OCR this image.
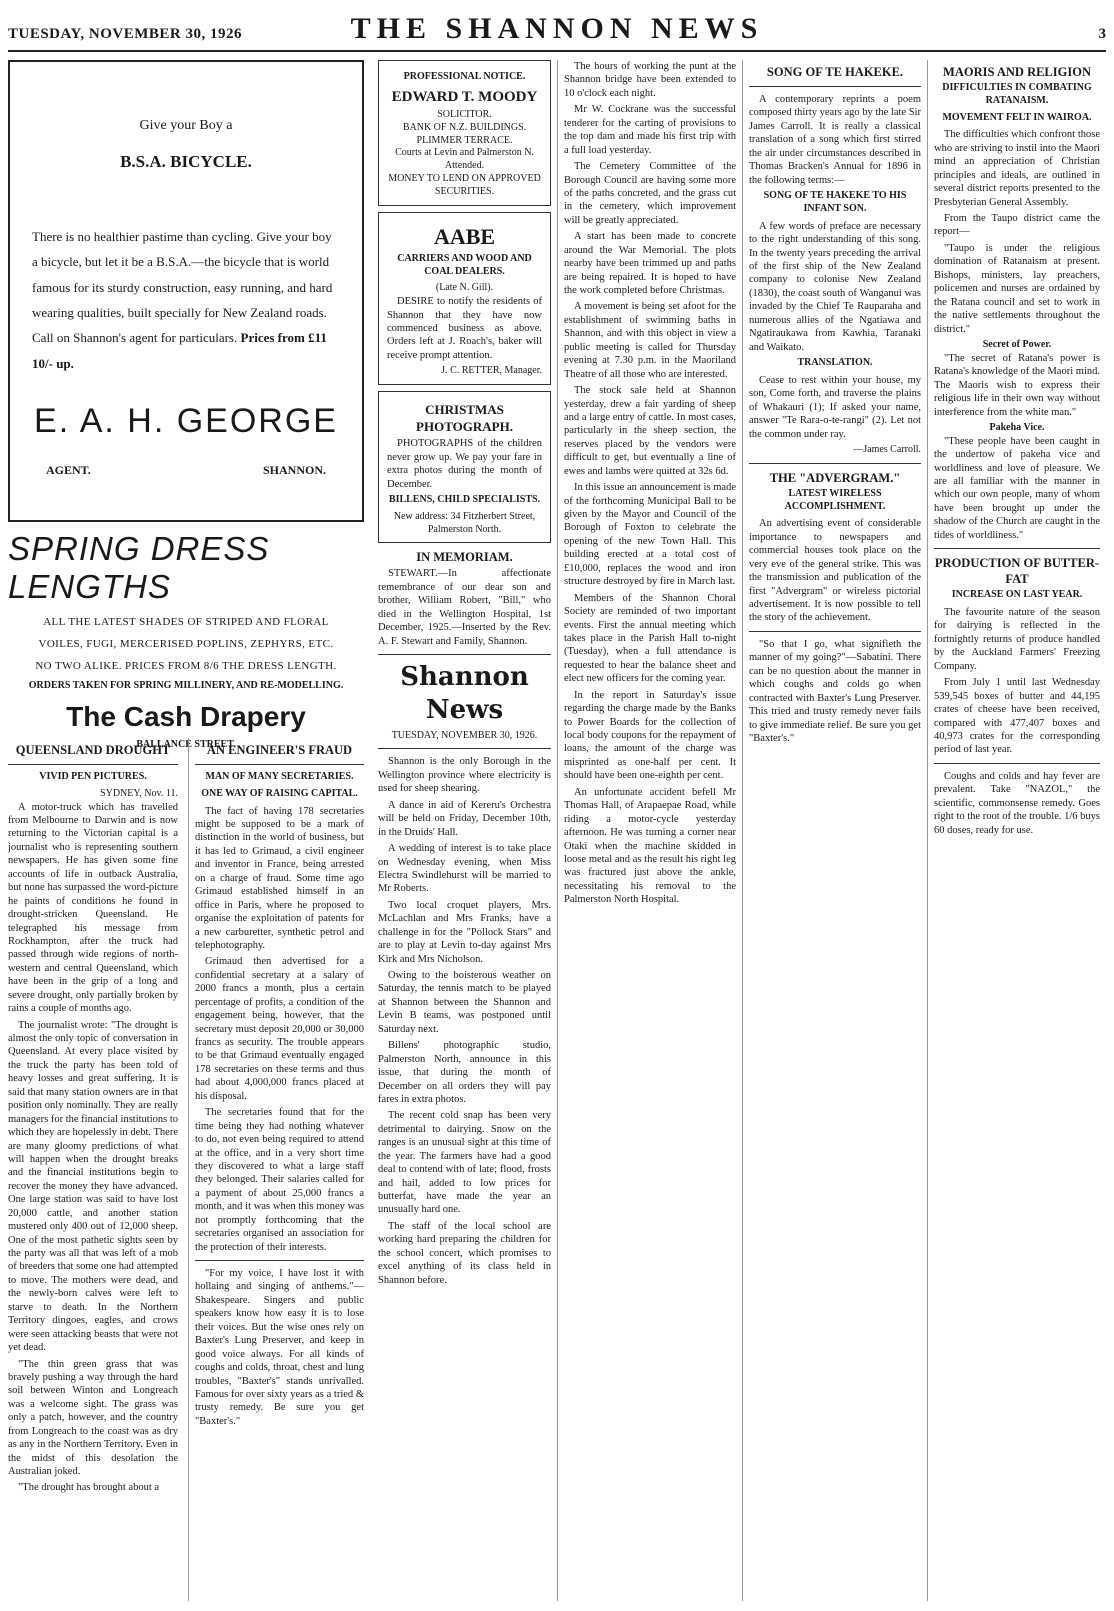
TUESDAY, NOVEMBER 30, 1926	THE SHANNON NEWS	3
Give your Boy a
B.S.A. BICYCLE.
There is no healthier pastime than cycling. Give your boy a bicycle, but let it be a B.S.A.—the bicycle that is world famous for its sturdy construction, easy running, and hard wearing qualities, built specially for New Zealand roads. Call on Shannon's agent for particulars. Prices from £11 10/- up.
E. A. H. GEORGE
AGENT.	SHANNON.
SPRING DRESS LENGTHS
ALL THE LATEST SHADES OF STRIPED AND FLORAL
VOILES, FUGI, MERCERISED POPLINS, ZEPHYRS, ETC.
NO TWO ALIKE. PRICES FROM 8/6 THE DRESS LENGTH.
ORDERS TAKEN FOR SPRING MILLINERY, AND RE-MODELLING.
The Cash Drapery
BALLANCE STREET.
QUEENSLAND DROUGHT
VIVID PEN PICTURES.
SYDNEY, Nov. 11.

A motor-truck which has travelled from Melbourne to Darwin and is now returning to the Victorian capital is a journalist who is representing southern newspapers. He has given some fine accounts of life in outback Australia, but none has surpassed the word-picture he paints of conditions he found in drought-stricken Queensland. He telegraphed his message from Rockhampton, after the truck had passed through wide regions of north-western and central Queensland, which have been in the grip of a long and severe drought, only partially broken by rains a couple of months ago.

The journalist wrote: "The drought is almost the only topic of conversation in Queensland. At every place visited by the truck the party has been told of heavy losses and great suffering. It is said that many station owners are in that position only nominally. They are really managers for the financial institutions to which they are hopelessly in debt. There are many gloomy predictions of what will happen when the drought breaks and the financial institutions begin to recover the money they have advanced. One large station was said to have lost 20,000 cattle, and another station mustered only 400 out of 12,000 sheep. One of the most pathetic sights seen by the party was all that was left of a mob of breeders that some one had attempted to move. The mothers were dead, and the newly-born calves were left to starve to death. In the Northern Territory dingoes, eagles, and crows were seen attacking beasts that were not yet dead.

"The thin green grass that was bravely pushing a way through the hard soil between Winton and Longreach was a welcome sight. The grass was only a patch, however, and the country from Longreach to the coast was as dry as any in the Northern Territory. Even in the midst of this desolation the Australian joked.

"The drought has brought about a

AN ENGINEER'S FRAUD
MAN OF MANY SECRETARIES.
ONE WAY OF RAISING CAPITAL.

The fact of having 178 secretaries might be supposed to be a mark of distinction in the world of business, but it has led to Grimaud, a civil engineer and inventor in France, being arrested on a charge of fraud. Some time ago Grimaud established himself in an office in Paris, where he proposed to organise the exploitation of patents for a new carburetter, synthetic petrol and telephotography.

Grimaud then advertised for a confidential secretary at a salary of 2000 francs a month, plus a certain percentage of profits, a condition of the engagement being, however, that the secretary must deposit 20,000 or 30,000 francs as security. The trouble appears to be that Grimaud eventually engaged 178 secretaries on these terms and thus had about 4,000,000 francs placed at his disposal.

The secretaries found that for the time being they had nothing whatever to do, not even being required to attend at the office, and in a very short time they discovered to what a large staff they belonged. Their salaries called for a payment of about 25,000 francs a month, and it was when this money was not promptly forthcoming that the secretaries organised an association for the protection of their interests.

"For my voice, I have lost it with hollaing and singing of anthems."—Shakespeare. Singers and public speakers know how easy it is to lose their voices. But the wise ones rely on Baxter's Lung Preserver, and keep in good voice always. For all kinds of coughs and colds, throat, chest and lung troubles, "Baxter's" stands unrivalled. Famous for over sixty years as a tried & trusty remedy. Be sure you get "Baxter's."

PROFESSIONAL NOTICE.
EDWARD T. MOODY
SOLICITOR.
BANK OF N.Z. BUILDINGS.
PLIMMER TERRACE.
Courts at Levin and Palmerston N. Attended.
MONEY TO LEND ON APPROVED SECURITIES.
AABE
CARRIERS AND WOOD AND COAL DEALERS.
(Late N. Gill).

DESIRE to notify the residents of Shannon that they have now commenced business as above. Orders left at J. Roach's, baker will receive prompt attention.

J. C. RETTER, Manager.
CHRISTMAS PHOTOGRAPH.

PHOTOGRAPHS of the children never grow up. We pay your fare in extra photos during the month of December.

BILLENS, CHILD SPECIALISTS.
New address: 34 Fitzherbert Street, Palmerston North.
IN MEMORIAM.

STEWART.—In affectionate remembrance of our dear son and brother, William Robert, "Bill," who died in the Wellington Hospital, 1st December, 1925.—Inserted by the Rev. A. F. Stewart and Family, Shannon.

Shannon News
TUESDAY, NOVEMBER 30, 1926.

Shannon is the only Borough in the Wellington province where electricity is used for sheep shearing.

A dance in aid of Kereru's Orchestra will be held on Friday, December 10th, in the Druids' Hall.

A wedding of interest is to take place on Wednesday evening, when Miss Electra Swindlehurst will be married to Mr Roberts.

Two local croquet players, Mrs. McLachlan and Mrs Franks, have a challenge in for the "Pollock Stars" and are to play at Levin to-day against Mrs Kirk and Mrs Nicholson.

Owing to the boisterous weather on Saturday, the tennis match to be played at Shannon between the Shannon and Levin B teams, was postponed until Saturday next.

Billens' photographic studio, Palmerston North, announce in this issue, that during the month of December on all orders they will pay fares in extra photos.

The recent cold snap has been very detrimental to dairying. Snow on the ranges is an unusual sight at this time of the year. The farmers have had a good deal to contend with of late; flood, frosts and hail, added to low prices for butterfat, have made the year an unusually hard one.

The staff of the local school are working hard preparing the children for the school concert, which promises to excel anything of its class held in Shannon before.

The hours of working the punt at the Shannon bridge have been extended to 10 o'clock each night.

Mr W. Cockrane was the successful tenderer for the carting of provisions to the top dam and made his first trip with a full load yesterday.

The Cemetery Committee of the Borough Council are having some more of the paths concreted, and the grass cut in the cemetery, which improvement will be greatly appreciated.

A start has been made to concrete around the War Memorial. The plots nearby have been trimmed up and paths are being repaired. It is hoped to have the work completed before Christmas.

A movement is being set afoot for the establishment of swimming baths in Shannon, and with this object in view a public meeting is called for Thursday evening at 7.30 p.m. in the Maoriland Theatre of all those who are interested.

The stock sale held at Shannon yesterday, drew a fair yarding of sheep and a large entry of cattle. In most cases, particularly in the sheep section, the reserves placed by the vendors were difficult to get, but eventually a line of ewes and lambs were quitted at 32s 6d.

In this issue an announcement is made of the forthcoming Municipal Ball to be given by the Mayor and Council of the Borough of Foxton to celebrate the opening of the new Town Hall. This building erected at a total cost of £10,000, replaces the wood and iron structure destroyed by fire in March last.

Members of the Shannon Choral Society are reminded of two important events. First the annual meeting which takes place in the Parish Hall to-night (Tuesday), when a full attendance is requested to hear the balance sheet and elect new officers for the coming year.

In the report in Saturday's issue regarding the charge made by the Banks to Power Boards for the collection of local body coupons for the repayment of loans, the amount of the charge was misprinted as one-half per cent. It should have been one-eighth per cent.

An unfortunate accident befell Mr Thomas Hall, of Arapaepae Road, while riding a motor-cycle yesterday afternoon. He was turning a corner near Otaki when the machine skidded in loose metal and as the result his right leg was fractured just above the ankle, necessitating his removal to the Palmerston North Hospital.

SONG OF TE HAKEKE.

A contemporary reprints a poem composed thirty years ago by the late Sir James Carroll. It is really a classical translation of a song which first stirred the air under circumstances described in Thomas Bracken's Annual for 1896 in the following terms:—

SONG OF TE HAKEKE TO HIS INFANT SON.

A few words of preface are necessary to the right understanding of this song. In the twenty years preceding the arrival of the first ship of the New Zealand company to colonise New Zealand (1830), the coast south of Wanganui was invaded by the Chief Te Rauparaha and numerous allies of the Ngatiawa and Ngatiraukawa from Kawhia, Taranaki and Waikato.

TRANSLATION.

Cease to rest within your house, my son, Come forth, and traverse the plains of Whakauri (1); If asked your name, answer "Te Rara-o-te-rangi" (2). Let not the common under ray.

—James Carroll.
THE "ADVERGRAM."
LATEST WIRELESS ACCOMPLISHMENT.

An advertising event of considerable importance to newspapers and commercial houses took place on the very eve of the general strike. This was the transmission and publication of the first "Advergram" or wireless pictorial advertisement. It is now possible to tell the story of the achievement.

"So that I go, what signifieth the manner of my going?"—Sabatini. There can be no question about the manner in which coughs and colds go when contracted with Baxter's Lung Preserver. This tried and trusty remedy never fails to give immediate relief. Be sure you get "Baxter's."

MAORIS AND RELIGION
DIFFICULTIES IN COMBATING RATANAISM.
MOVEMENT FELT IN WAIROA.

The difficulties which confront those who are striving to instil into the Maori mind an appreciation of Christian principles and ideals, are outlined in several district reports presented to the Presbyterian General Assembly.

From the Taupo district came the report—

"Taupo is under the religious domination of Ratanaism at present. Bishops, ministers, lay preachers, policemen and nurses are ordained by the Ratana council and set to work in the native settlements throughout the district."

Secret of Power.

"The secret of Ratana's power is Ratana's knowledge of the Maori mind. The Maoris wish to express their religious life in their own way without interference from the white man."

Pakeha Vice.

"These people have been caught in the undertow of pakeha vice and worldliness and love of pleasure. We are all familiar with the manner in which our own people, many of whom have been brought up under the shadow of the Church are caught in the tides of worldliness."

PRODUCTION OF BUTTER-FAT
INCREASE ON LAST YEAR.

The favourite nature of the season for dairying is reflected in the fortnightly returns of produce handled by the Auckland Farmers' Freezing Company.

From July 1 until last Wednesday 539,545 boxes of butter and 44,195 crates of cheese have been received, compared with 477,407 boxes and 40,973 crates for the corresponding period of last year.

Coughs and colds and hay fever are prevalent. Take "NAZOL," the scientific, commonsense remedy. Goes right to the root of the trouble. 1/6 buys 60 doses, ready for use.
